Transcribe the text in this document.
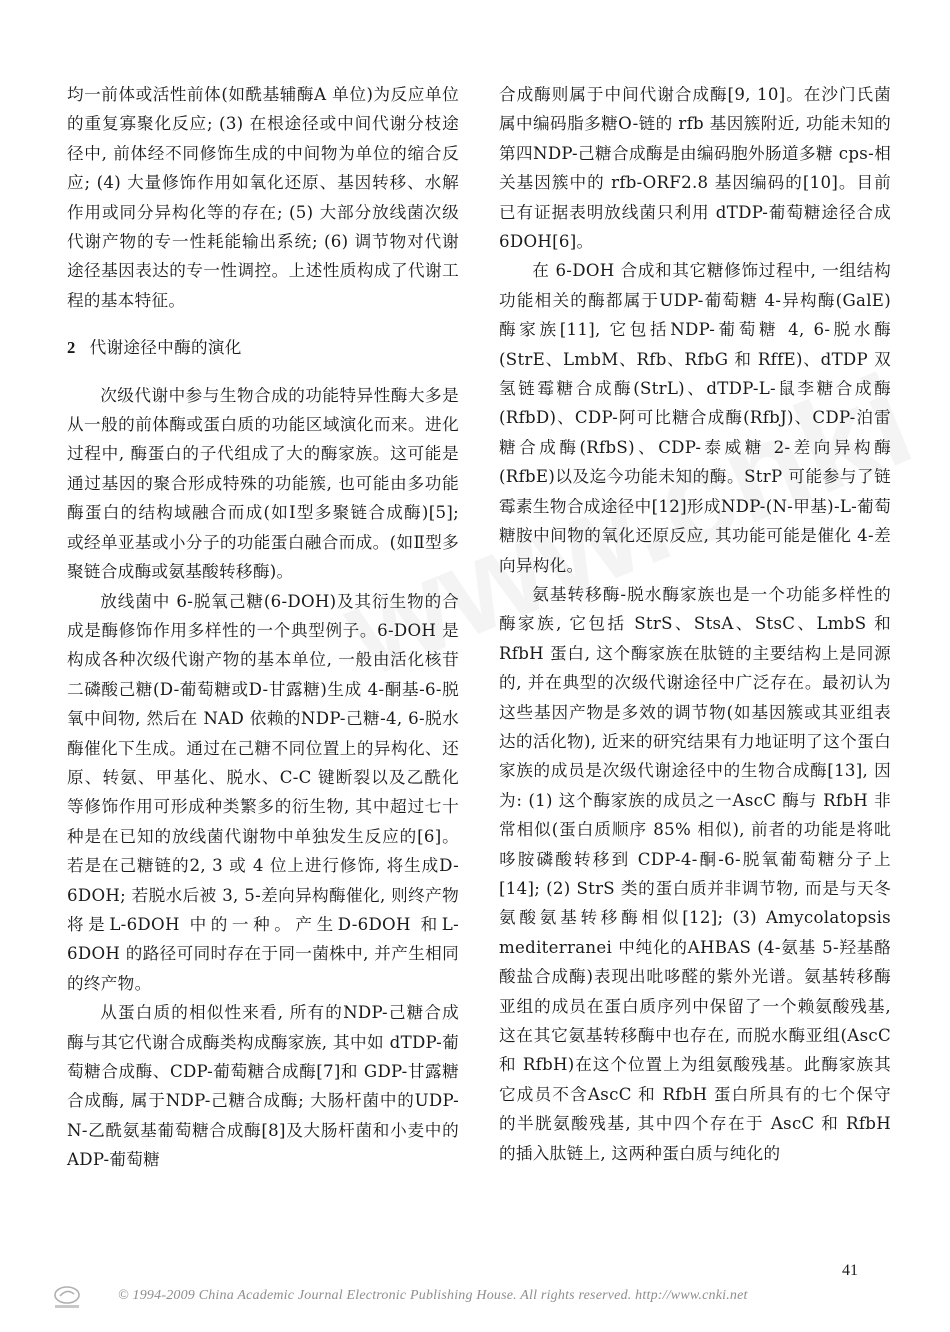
均一前体或活性前体(如酰基辅酶A 单位)为反应单位的重复寡聚化反应; (3) 在根途径或中间代谢分枝途径中, 前体经不同修饰生成的中间物为单位的缩合反应; (4) 大量修饰作用如氧化还原、基因转移、水解作用或同分异构化等的存在; (5) 大部分放线菌次级代谢产物的专一性耗能输出系统; (6) 调节物对代谢途径基因表达的专一性调控。上述性质构成了代谢工程的基本特征。

2 代谢途径中酶的演化

次级代谢中参与生物合成的功能特异性酶大多是从一般的前体酶或蛋白质的功能区域演化而来。进化过程中, 酶蛋白的子代组成了大的酶家族。这可能是通过基因的聚合形成特殊的功能簇, 也可能由多功能酶蛋白的结构域融合而成(如Ⅰ型多聚链合成酶)[5]; 或经单亚基或小分子的功能蛋白融合而成。(如Ⅱ型多聚链合成酶或氨基酸转移酶)。

放线菌中 6-脱氧己糖(6-DOH)及其衍生物的合成是酶修饰作用多样性的一个典型例子。6-DOH 是构成各种次级代谢产物的基本单位, 一般由活化核苷二磷酸己糖(D-葡萄糖或D-甘露糖)生成 4-酮基-6-脱氧中间物, 然后在 NAD 依赖的NDP-己糖-4, 6-脱水酶催化下生成。通过在己糖不同位置上的异构化、还原、转氨、甲基化、脱水、C-C 键断裂以及乙酰化等修饰作用可形成种类繁多的衍生物, 其中超过七十种是在已知的放线菌代谢物中单独发生反应的[6]。若是在己糖链的2, 3 或 4 位上进行修饰, 将生成D-6DOH; 若脱水后被 3, 5-差向异构酶催化, 则终产物将是L-6DOH 中的一种。产生D-6DOH 和L-6DOH 的路径可同时存在于同一菌株中, 并产生相同的终产物。

从蛋白质的相似性来看, 所有的NDP-己糖合成酶与其它代谢合成酶类构成酶家族, 其中如 dTDP-葡萄糖合成酶、CDP-葡萄糖合成酶[7]和 GDP-甘露糖合成酶, 属于NDP-己糖合成酶; 大肠杆菌中的UDP-N-乙酰氨基葡萄糖合成酶[8]及大肠杆菌和小麦中的ADP-葡萄糖

合成酶则属于中间代谢合成酶[9, 10]。在沙门氏菌属中编码脂多糖O-链的 rfb 基因簇附近, 功能未知的第四NDP-己糖合成酶是由编码胞外肠道多糖 cps-相关基因簇中的 rfb-ORF2.8 基因编码的[10]。目前已有证据表明放线菌只利用 dTDP-葡萄糖途径合成 6DOH[6]。

在 6-DOH 合成和其它糖修饰过程中, 一组结构功能相关的酶都属于UDP-葡萄糖 4-异构酶(GalE)酶家族[11], 它包括NDP-葡萄糖 4, 6-脱水酶(StrE、LmbM、Rfb、RfbG 和 RffE)、dTDP 双氢链霉糖合成酶(StrL)、dTDP-L-鼠李糖合成酶(RfbD)、CDP-阿可比糖合成酶(RfbJ)、CDP-泊雷糖合成酶(RfbS)、CDP-泰威糖 2-差向异构酶(RfbE)以及迄今功能未知的酶。StrP 可能参与了链霉素生物合成途径中[12]形成NDP-(N-甲基)-L-葡萄糖胺中间物的氧化还原反应, 其功能可能是催化 4-差向异构化。

氨基转移酶-脱水酶家族也是一个功能多样性的酶家族, 它包括 StrS、StsA、StsC、LmbS 和 RfbH 蛋白, 这个酶家族在肽链的主要结构上是同源的, 并在典型的次级代谢途径中广泛存在。最初认为这些基因产物是多效的调节物(如基因簇或其亚组表达的活化物), 近来的研究结果有力地证明了这个蛋白家族的成员是次级代谢途径中的生物合成酶[13], 因为: (1) 这个酶家族的成员之一AscC 酶与 RfbH 非常相似(蛋白质顺序 85% 相似), 前者的功能是将吡哆胺磷酸转移到 CDP-4-酮-6-脱氧葡萄糖分子上[14]; (2) StrS 类的蛋白质并非调节物, 而是与天冬氨酸氨基转移酶相似[12]; (3) Amycolatopsis mediterranei 中纯化的AHBAS (4-氨基 5-羟基酪酸盐合成酶)表现出吡哆醛的紫外光谱。氨基转移酶亚组的成员在蛋白质序列中保留了一个赖氨酸残基, 这在其它氨基转移酶中也存在, 而脱水酶亚组(AscC 和 RfbH)在这个位置上为组氨酸残基。此酶家族其它成员不含AscC 和 RfbH 蛋白所具有的七个保守的半胱氨酸残基, 其中四个存在于 AscC 和 RfbH 的插入肽链上, 这两种蛋白质与纯化的

41
© 1994-2009 China Academic Journal Electronic Publishing House. All rights reserved. http://www.cnki.net
